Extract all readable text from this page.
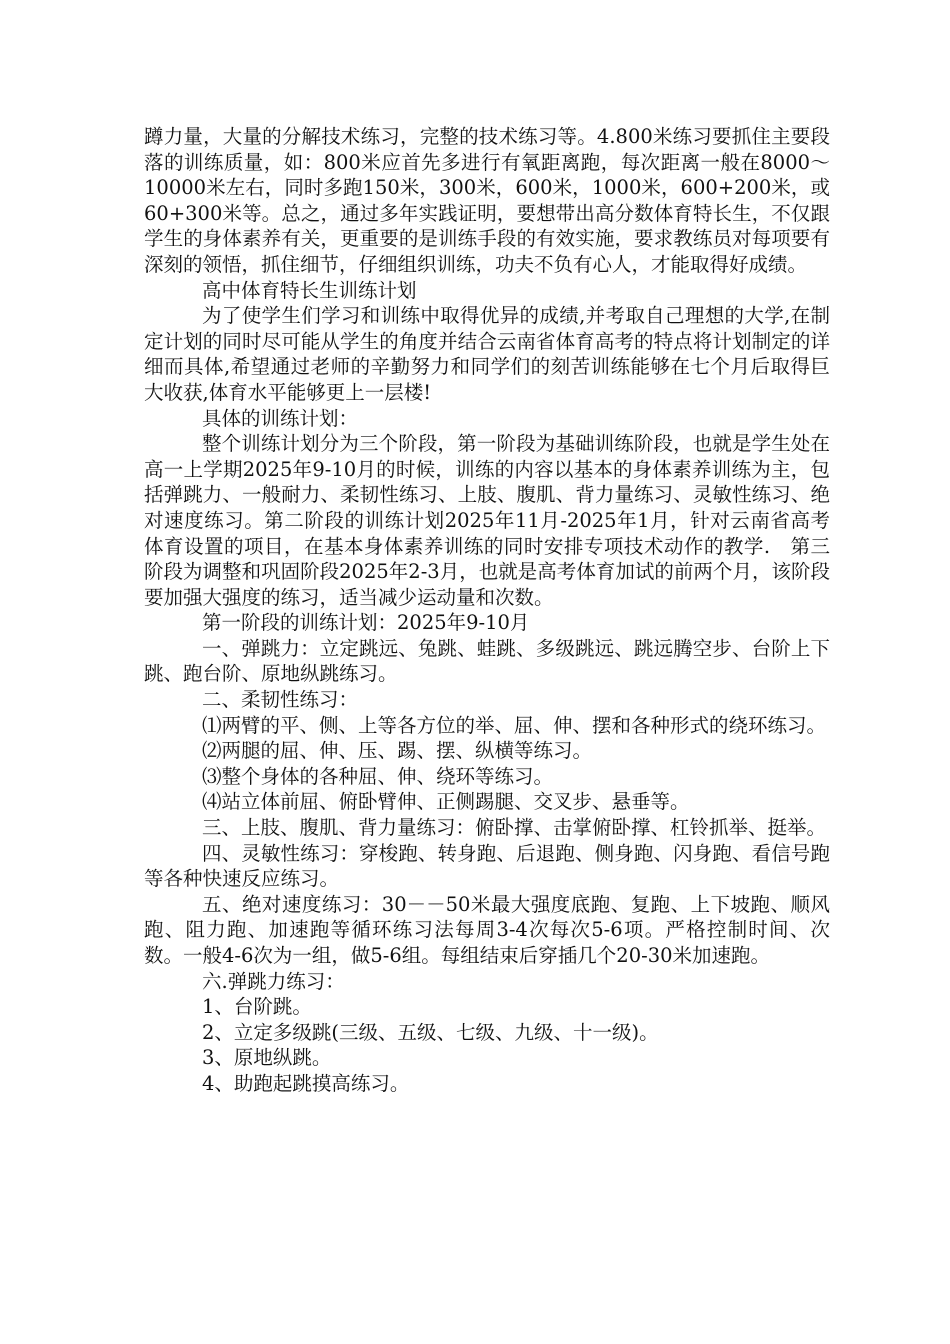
蹲力量，大量的分解技术练习，完整的技术练习等。4.800米练习要抓住主要段落的训练质量，如：800米应首先多进行有氧距离跑，每次距离一般在8000～10000米左右，同时多跑150米，300米，600米，1000米，600+200米，或60+300米等。总之，通过多年实践证明，要想带出高分数体育特长生，不仅跟学生的身体素养有关，更重要的是训练手段的有效实施，要求教练员对每项要有深刻的领悟，抓住细节，仔细组织训练，功夫不负有心人，才能取得好成绩。

高中体育特长生训练计划

为了使学生们学习和训练中取得优异的成绩,并考取自己理想的大学,在制定计划的同时尽可能从学生的角度并结合云南省体育高考的特点将计划制定的详细而具体,希望通过老师的辛勤努力和同学们的刻苦训练能够在七个月后取得巨大收获,体育水平能够更上一层楼!

具体的训练计划：

整个训练计划分为三个阶段，第一阶段为基础训练阶段，也就是学生处在高一上学期2025年9-10月的时候，训练的内容以基本的身体素养训练为主，包括弹跳力、一般耐力、柔韧性练习、上肢、腹肌、背力量练习、灵敏性练习、绝对速度练习。第二阶段的训练计划2025年11月-2025年1月，针对云南省高考体育设置的项目，在基本身体素养训练的同时安排专项技术动作的教学.　第三阶段为调整和巩固阶段2025年2-3月，也就是高考体育加试的前两个月，该阶段要加强大强度的练习，适当减少运动量和次数。

第一阶段的训练计划：2025年9-10月

一、弹跳力：立定跳远、兔跳、蛙跳、多级跳远、跳远腾空步、台阶上下跳、跑台阶、原地纵跳练习。

二、柔韧性练习：

⑴两臂的平、侧、上等各方位的举、屈、伸、摆和各种形式的绕环练习。

⑵两腿的屈、伸、压、踢、摆、纵横等练习。

⑶整个身体的各种屈、伸、绕环等练习。

⑷站立体前屈、俯卧臂伸、正侧踢腿、交叉步、悬垂等。

三、上肢、腹肌、背力量练习：俯卧撑、击掌俯卧撑、杠铃抓举、挺举。

四、灵敏性练习：穿梭跑、转身跑、后退跑、侧身跑、闪身跑、看信号跑等各种快速反应练习。

五、绝对速度练习：30－－50米最大强度底跑、复跑、上下坡跑、顺风跑、阻力跑、加速跑等循环练习法每周3-4次每次5-6项。严格控制时间、次数。一般4-6次为一组，做5-6组。每组结束后穿插几个20-30米加速跑。

六.弹跳力练习：

1、台阶跳。

2、立定多级跳(三级、五级、七级、九级、十一级)。

3、原地纵跳。

4、助跑起跳摸高练习。
